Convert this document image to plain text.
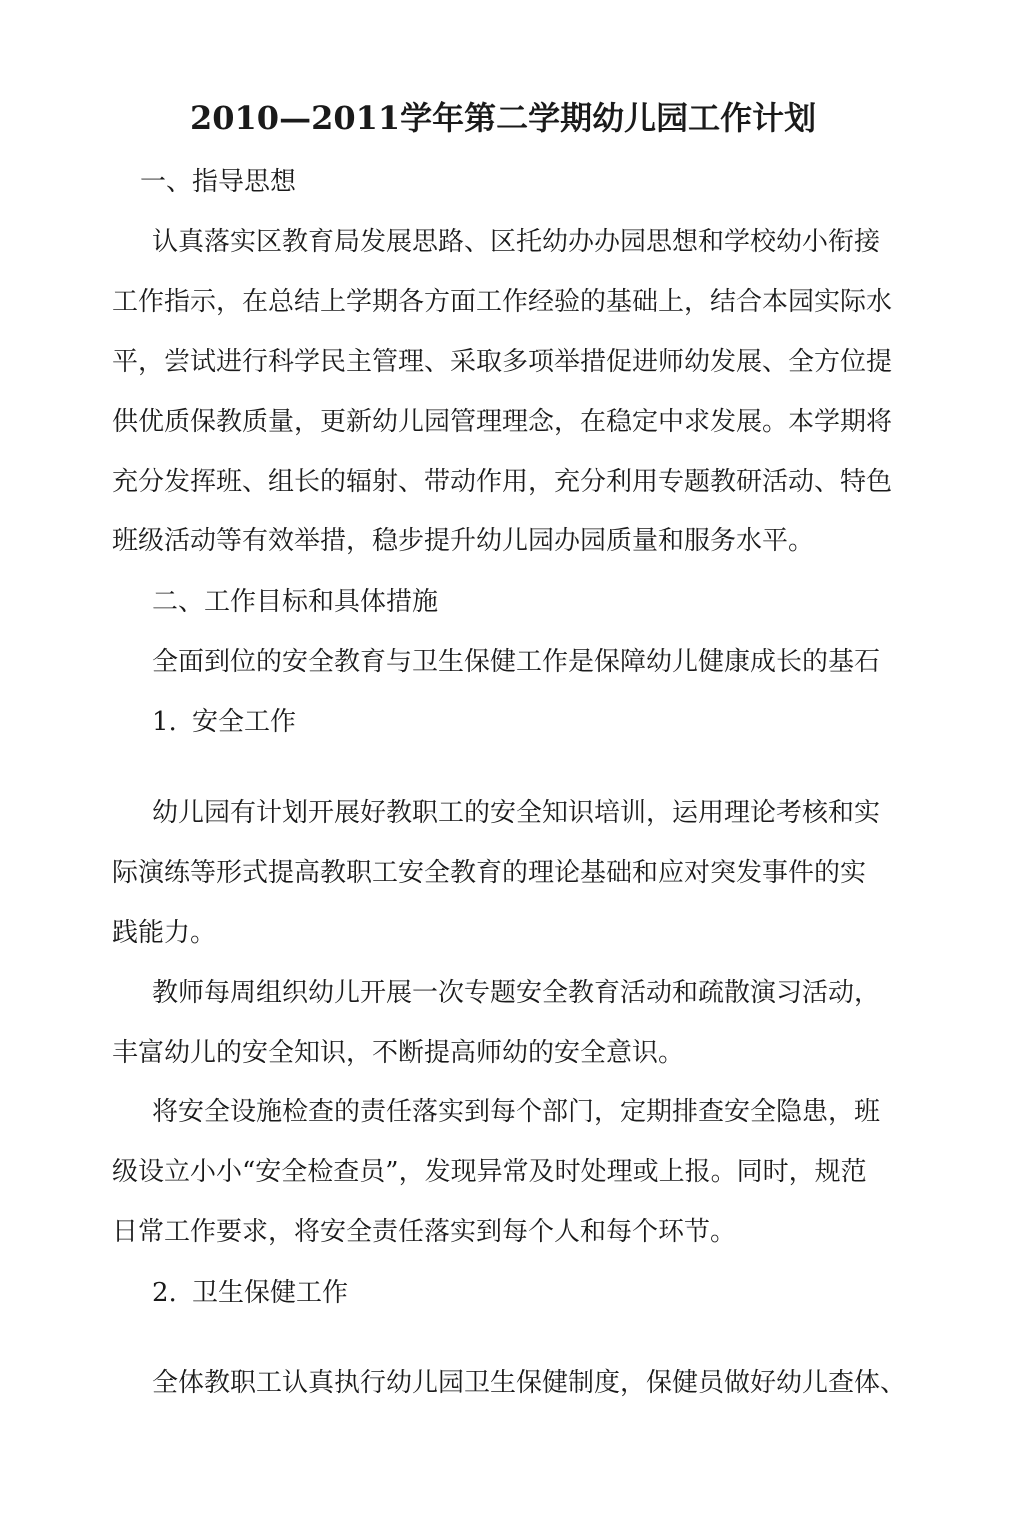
2010—2011学年第二学期幼儿园工作计划

一、指导思想

认真落实区教育局发展思路、区托幼办办园思想和学校幼小衔接

工作指示，在总结上学期各方面工作经验的基础上，结合本园实际水

平，尝试进行科学民主管理、采取多项举措促进师幼发展、全方位提

供优质保教质量，更新幼儿园管理理念，在稳定中求发展。本学期将

充分发挥班、组长的辐射、带动作用，充分利用专题教研活动、特色

班级活动等有效举措，稳步提升幼儿园办园质量和服务水平。

二、工作目标和具体措施

全面到位的安全教育与卫生保健工作是保障幼儿健康成长的基石

1. 安全工作

幼儿园有计划开展好教职工的安全知识培训，运用理论考核和实

际演练等形式提高教职工安全教育的理论基础和应对突发事件的实

践能力。

教师每周组织幼儿开展一次专题安全教育活动和疏散演习活动，

丰富幼儿的安全知识，不断提高师幼的安全意识。

将安全设施检查的责任落实到每个部门，定期排查安全隐患，班

级设立小小“安全检查员”，发现异常及时处理或上报。同时，规范

日常工作要求，将安全责任落实到每个人和每个环节。

2. 卫生保健工作

全体教职工认真执行幼儿园卫生保健制度，保健员做好幼儿查体、
